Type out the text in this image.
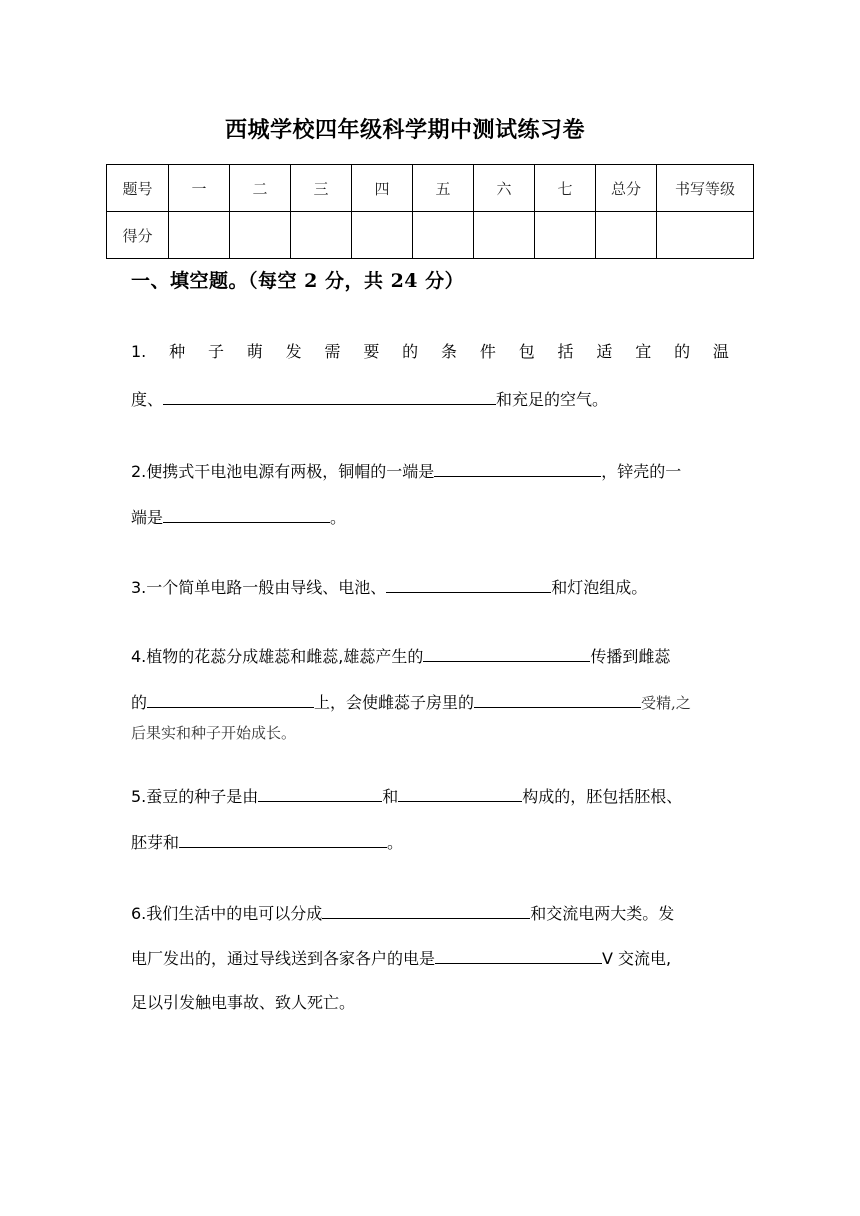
西城学校四年级科学期中测试练习卷
题号	一	二	三	四	五	六	七	总分	书写等级
得分									
一、填空题。（每空 2 分，共 24 分）
1. 种 子 萌 发 需 要 的 条 件 包 括 适 宜 的 温
度、	和充足的空气。
2.便携式干电池电源有两极，铜帽的一端是	，锌壳的一
端是	。
3.一个简单电路一般由导线、电池、	和灯泡组成。
4.植物的花蕊分成雄蕊和雌蕊,雄蕊产生的	传播到雌蕊
的	上，会使雌蕊子房里的	受精,之
后果实和种子开始成长。
5.蚕豆的种子是由	和	构成的，胚包括胚根、
胚芽和	。
6.我们生活中的电可以分成	和交流电两大类。发
电厂发出的，通过导线送到各家各户的电是	V 交流电,
足以引发触电事故、致人死亡。
